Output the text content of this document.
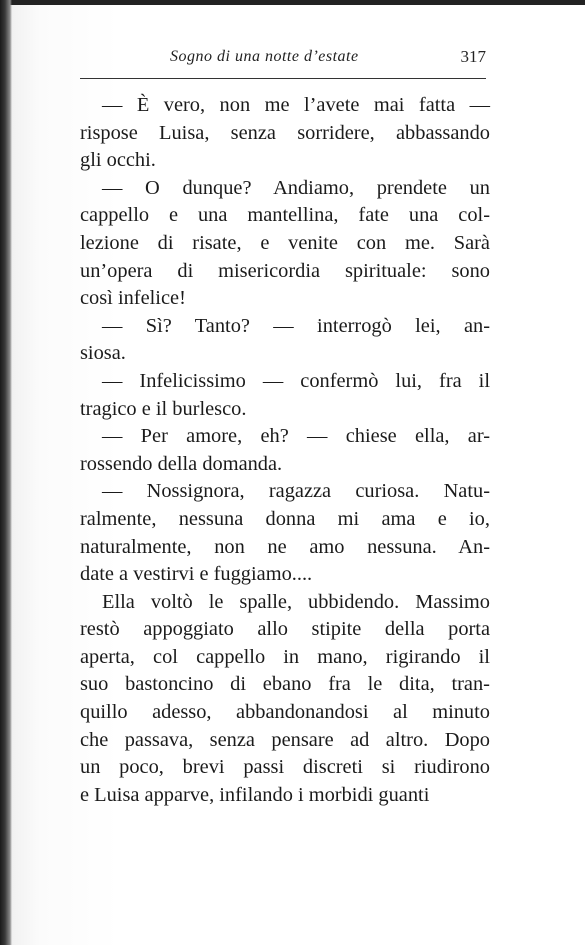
Sogno di una notte d’estate	317
— È vero, non me l’avete mai fatta —
rispose Luisa, senza sorridere, abbassando
gli occhi.
— O dunque? Andiamo, prendete un
cappello e una mantellina, fate una col-
lezione di risate, e venite con me. Sarà
un’opera di misericordia spirituale: sono
così infelice!
— Sì? Tanto? — interrogò lei, an-
siosa.
— Infelicissimo — confermò lui, fra il
tragico e il burlesco.
— Per amore, eh? — chiese ella, ar-
rossendo della domanda.
— Nossignora, ragazza curiosa. Natu-
ralmente, nessuna donna mi ama e io,
naturalmente, non ne amo nessuna. An-
date a vestirvi e fuggiamo....
Ella voltò le spalle, ubbidendo. Massimo
restò appoggiato allo stipite della porta
aperta, col cappello in mano, rigirando il
suo bastoncino di ebano fra le dita, tran-
quillo adesso, abbandonandosi al minuto
che passava, senza pensare ad altro. Dopo
un poco, brevi passi discreti si riudirono
e Luisa apparve, infilando i morbidi guanti
